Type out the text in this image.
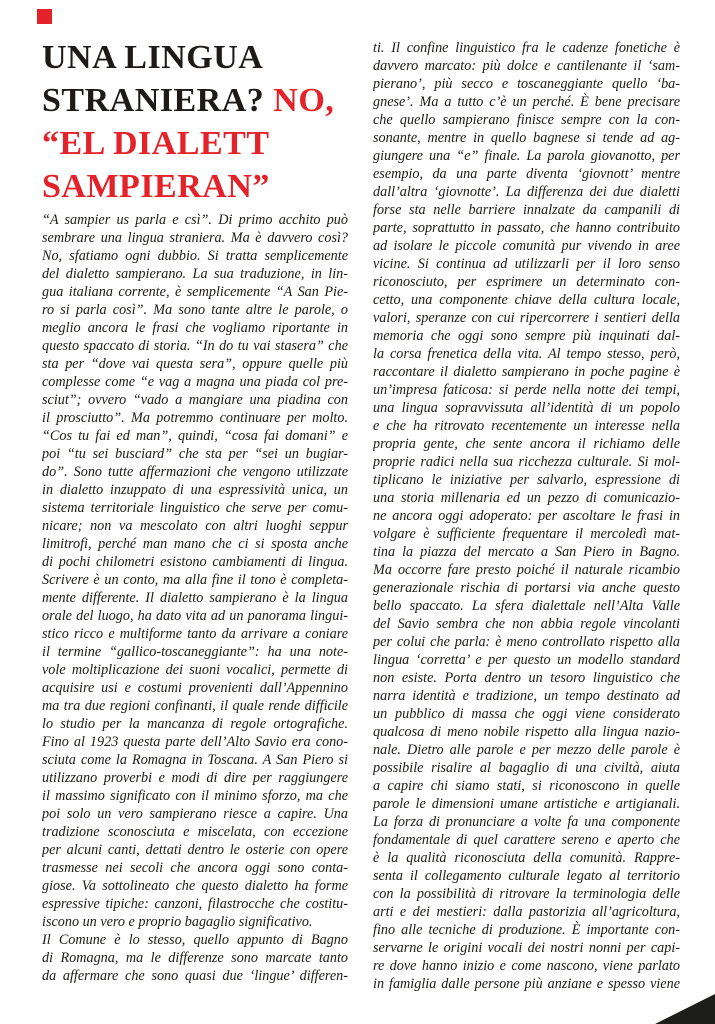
UNA LINGUA
STRANIERA? NO,
“EL DIALETT
SAMPIERAN”
“A sampier us parla e csì”. Di primo acchito può
sembrare una lingua straniera. Ma è davvero così?
No, sfatiamo ogni dubbio. Si tratta semplicemente
del dialetto sampierano. La sua traduzione, in lin-
gua italiana corrente, è semplicemente “A San Pie-
ro si parla così”. Ma sono tante altre le parole, o
meglio ancora le frasi che vogliamo riportante in
questo spaccato di storia. “In do tu vai stasera” che
sta per “dove vai questa sera”, oppure quelle più
complesse come “e vag a magna una piada col pre-
sciut”; ovvero “vado a mangiare una piadina con
il prosciutto”. Ma potremmo continuare per molto.
“Cos tu fai ed man”, quindi, “cosa fai domani” e
poi “tu sei busciard” che sta per “sei un bugiar-
do”. Sono tutte affermazioni che vengono utilizzate
in dialetto inzuppato di una espressività unica, un
sistema territoriale linguistico che serve per comu-
nicare; non va mescolato con altri luoghi seppur
limitrofi, perché man mano che ci si sposta anche
di pochi chilometri esistono cambiamenti di lingua.
Scrivere è un conto, ma alla fine il tono è completa-
mente differente. Il dialetto sampierano è la lingua
orale del luogo, ha dato vita ad un panorama lingui-
stico ricco e multiforme tanto da arrivare a coniare
il termine “gallico-toscaneggiante”: ha una note-
vole moltiplicazione dei suoni vocalici, permette di
acquisire usi e costumi provenienti dall’Appennino
ma tra due regioni confinanti, il quale rende difficile
lo studio per la mancanza di regole ortografiche.
Fino al 1923 questa parte dell’Alto Savio era cono-
sciuta come la Romagna in Toscana. A San Piero si
utilizzano proverbi e modi di dire per raggiungere
il massimo significato con il minimo sforzo, ma che
poi solo un vero sampierano riesce a capire. Una
tradizione sconosciuta e miscelata, con eccezione
per alcuni canti, dettati dentro le osterie con opere
trasmesse nei secoli che ancora oggi sono conta-
giose. Va sottolineato che questo dialetto ha forme
espressive tipiche: canzoni, filastrocche che costitu-
iscono un vero e proprio bagaglio significativo.
Il Comune è lo stesso, quello appunto di Bagno
di Romagna, ma le differenze sono marcate tanto
da affermare che sono quasi due ‘lingue’ differen-
ti. Il confine linguistico fra le cadenze fonetiche è
davvero marcato: più dolce e cantilenante il ‘sam-
pierano’, più secco e toscaneggiante quello ‘ba-
gnese’. Ma a tutto c’è un perché. È bene precisare
che quello sampierano finisce sempre con la con-
sonante, mentre in quello bagnese si tende ad ag-
giungere una “e” finale. La parola giovanotto, per
esempio, da una parte diventa ‘giovnott’ mentre
dall’altra ‘giovnotte’. La differenza dei due dialetti
forse sta nelle barriere innalzate da campanili di
parte, soprattutto in passato, che hanno contribuito
ad isolare le piccole comunità pur vivendo in aree
vicine. Si continua ad utilizzarli per il loro senso
riconosciuto, per esprimere un determinato con-
cetto, una componente chiave della cultura locale,
valori, speranze con cui ripercorrere i sentieri della
memoria che oggi sono sempre più inquinati dal-
la corsa frenetica della vita. Al tempo stesso, però,
raccontare il dialetto sampierano in poche pagine è
un’impresa faticosa: si perde nella notte dei tempi,
una lingua sopravvissuta all’identità di un popolo
e che ha ritrovato recentemente un interesse nella
propria gente, che sente ancora il richiamo delle
proprie radici nella sua ricchezza culturale. Si mol-
tiplicano le iniziative per salvarlo, espressione di
una storia millenaria ed un pezzo di comunicazio-
ne ancora oggi adoperato: per ascoltare le frasi in
volgare è sufficiente frequentare il mercoledì mat-
tina la piazza del mercato a San Piero in Bagno.
Ma occorre fare presto poiché il naturale ricambio
generazionale rischia di portarsi via anche questo
bello spaccato. La sfera dialettale nell’Alta Valle
del Savio sembra che non abbia regole vincolanti
per colui che parla: è meno controllato rispetto alla
lingua ‘corretta’ e per questo un modello standard
non esiste. Porta dentro un tesoro linguistico che
narra identità e tradizione, un tempo destinato ad
un pubblico di massa che oggi viene considerato
qualcosa di meno nobile rispetto alla lingua nazio-
nale. Dietro alle parole e per mezzo delle parole è
possibile risalire al bagaglio di una civiltà, aiuta
a capire chi siamo stati, si riconoscono in quelle
parole le dimensioni umane artistiche e artigianali.
La forza di pronunciare a volte fa una componente
fondamentale di quel carattere sereno e aperto che
è la qualità riconosciuta della comunità. Rappre-
senta il collegamento culturale legato al territorio
con la possibilità di ritrovare la terminologia delle
arti e dei mestieri: dalla pastorizia all’agricoltura,
fino alle tecniche di produzione. È importante con-
servarne le origini vocali dei nostri nonni per capi-
re dove hanno inizio e come nascono, viene parlato
in famiglia dalle persone più anziane e spesso viene
